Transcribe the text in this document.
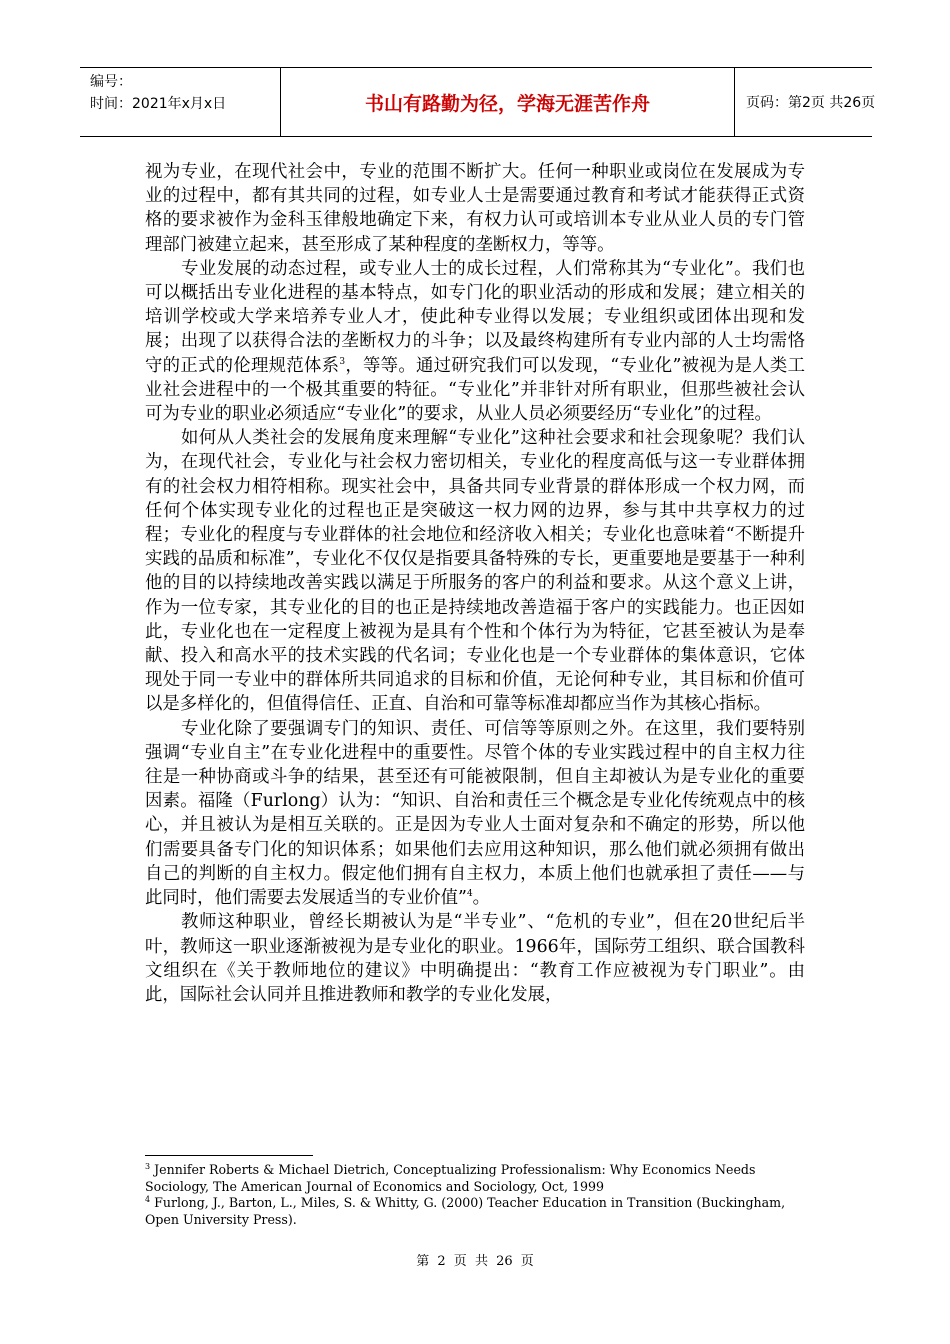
编号：
时间：2021年x月x日	书山有路勤为径，学海无涯苦作舟	页码：第2页 共26页

视为专业，在现代社会中，专业的范围不断扩大。任何一种职业或岗位在发展成为专业的过程中，都有其共同的过程，如专业人士是需要通过教育和考试才能获得正式资格的要求被作为金科玉律般地确定下来，有权力认可或培训本专业从业人员的专门管理部门被建立起来，甚至形成了某种程度的垄断权力，等等。

专业发展的动态过程，或专业人士的成长过程，人们常称其为“专业化”。我们也可以概括出专业化进程的基本特点，如专门化的职业活动的形成和发展；建立相关的培训学校或大学来培养专业人才，使此种专业得以发展；专业组织或团体出现和发展；出现了以获得合法的垄断权力的斗争；以及最终构建所有专业内部的人士均需恪守的正式的伦理规范体系$^3$，等等。通过研究我们可以发现，“专业化”被视为是人类工业社会进程中的一个极其重要的特征。“专业化”并非针对所有职业，但那些被社会认可为专业的职业必须适应“专业化”的要求，从业人员必须要经历“专业化”的过程。

如何从人类社会的发展角度来理解“专业化”这种社会要求和社会现象呢？我们认为，在现代社会，专业化与社会权力密切相关，专业化的程度高低与这一专业群体拥有的社会权力相符相称。现实社会中，具备共同专业背景的群体形成一个权力网，而任何个体实现专业化的过程也正是突破这一权力网的边界，参与其中共享权力的过程；专业化的程度与专业群体的社会地位和经济收入相关；专业化也意味着“不断提升实践的品质和标准”，专业化不仅仅是指要具备特殊的专长，更重要地是要基于一种利他的目的以持续地改善实践以满足于所服务的客户的利益和要求。从这个意义上讲，作为一位专家，其专业化的目的也正是持续地改善造福于客户的实践能力。也正因如此，专业化也在一定程度上被视为是具有个性和个体行为为特征，它甚至被认为是奉献、投入和高水平的技术实践的代名词；专业化也是一个专业群体的集体意识，它体现处于同一专业中的群体所共同追求的目标和价值，无论何种专业，其目标和价值可以是多样化的，但值得信任、正直、自治和可靠等标准却都应当作为其核心指标。

专业化除了要强调专门的知识、责任、可信等等原则之外。在这里，我们要特别强调“专业自主”在专业化进程中的重要性。尽管个体的专业实践过程中的自主权力往往是一种协商或斗争的结果，甚至还有可能被限制，但自主却被认为是专业化的重要因素。福隆（Furlong）认为：“知识、自治和责任三个概念是专业化传统观点中的核心，并且被认为是相互关联的。正是因为专业人士面对复杂和不确定的形势，所以他们需要具备专门化的知识体系；如果他们去应用这种知识，那么他们就必须拥有做出自己的判断的自主权力。假定他们拥有自主权力，本质上他们也就承担了责任——与此同时，他们需要去发展适当的专业价值”$^4$。

教师这种职业，曾经长期被认为是“半专业”、“危机的专业”，但在20世纪后半叶，教师这一职业逐渐被视为是专业化的职业。1966年，国际劳工组织、联合国教科文组织在《关于教师地位的建议》中明确提出：“教育工作应被视为专门职业”。由此，国际社会认同并且推进教师和教学的专业化发展，

$^3$ Jennifer Roberts & Michael Dietrich, Conceptualizing Professionalism: Why Economics Needs Sociology, The American Journal of Economics and Sociology, Oct, 1999

$^4$ Furlong, J., Barton, L., Miles, S. & Whitty, G. (2000) Teacher Education in Transition (Buckingham, Open University Press).

第 2 页 共 26 页
